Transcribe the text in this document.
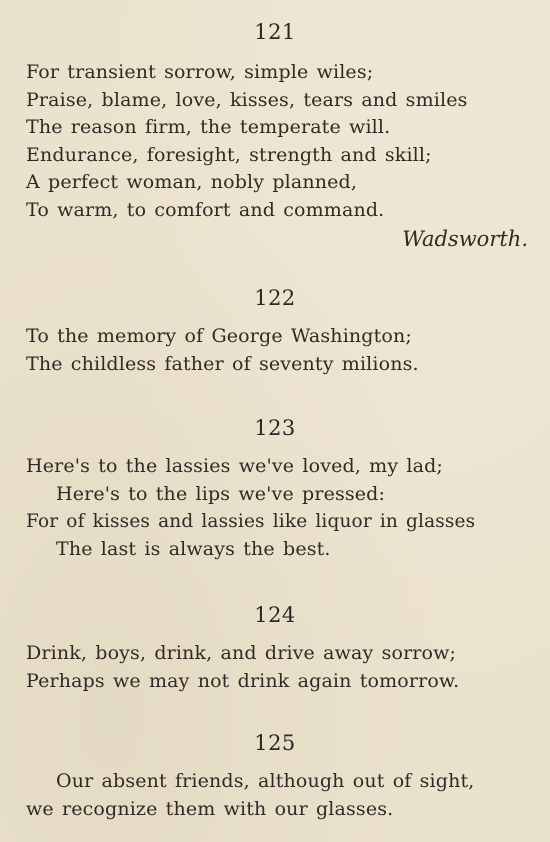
121
For transient sorrow, simple wiles;
Praise, blame, love, kisses, tears and smiles
The reason firm, the temperate will.
Endurance, foresight, strength and skill;
A perfect woman, nobly planned,
To warm, to comfort and command.
Wadsworth.
122
To the memory of George Washington;
The childless father of seventy milions.
123
Here's to the lassies we've loved, my lad;
Here's to the lips we've pressed:
For of kisses and lassies like liquor in glasses
The last is always the best.
124
Drink, boys, drink, and drive away sorrow;
Perhaps we may not drink again tomorrow.
125
Our absent friends, although out of sight,
we recognize them with our glasses.
